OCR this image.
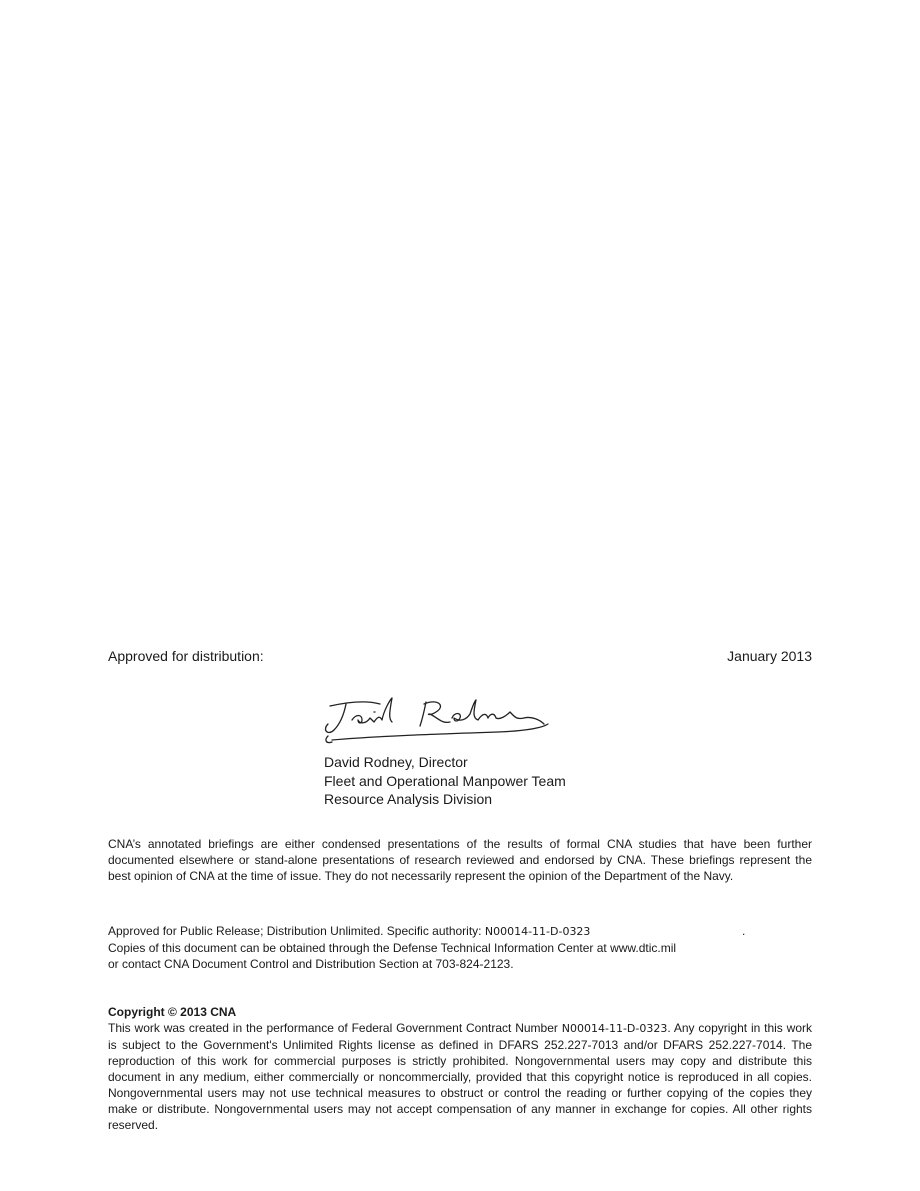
Approved for distribution:	January 2013
David Rodney, Director
Fleet and Operational Manpower Team
Resource Analysis Division

CNA’s annotated briefings are either condensed presentations of the results of formal CNA studies that have been further documented elsewhere or stand-alone presentations of research reviewed and endorsed by CNA. These briefings represent the best opinion of CNA at the time of issue. They do not necessarily represent the opinion of the Department of the Navy.

Approved for Public Release; Distribution Unlimited. Specific authority: N00014-11-D-0323	.
Copies of this document can be obtained through the Defense Technical Information Center at www.dtic.mil
or contact CNA Document Control and Distribution Section at 703-824-2123.
Copyright © 2013 CNA
This work was created in the performance of Federal Government Contract Number N00014-11-D-0323. Any copyright in this work is subject to the Government's Unlimited Rights license as defined in DFARS 252.227-7013 and/or DFARS 252.227-7014. The reproduction of this work for commercial purposes is strictly prohibited. Nongovernmental users may copy and distribute this document in any medium, either commercially or noncommercially, provided that this copyright notice is reproduced in all copies. Nongovernmental users may not use technical measures to obstruct or control the reading or further copying of the copies they make or distribute. Nongovernmental users may not accept compensation of any manner in exchange for copies. All other rights reserved.
